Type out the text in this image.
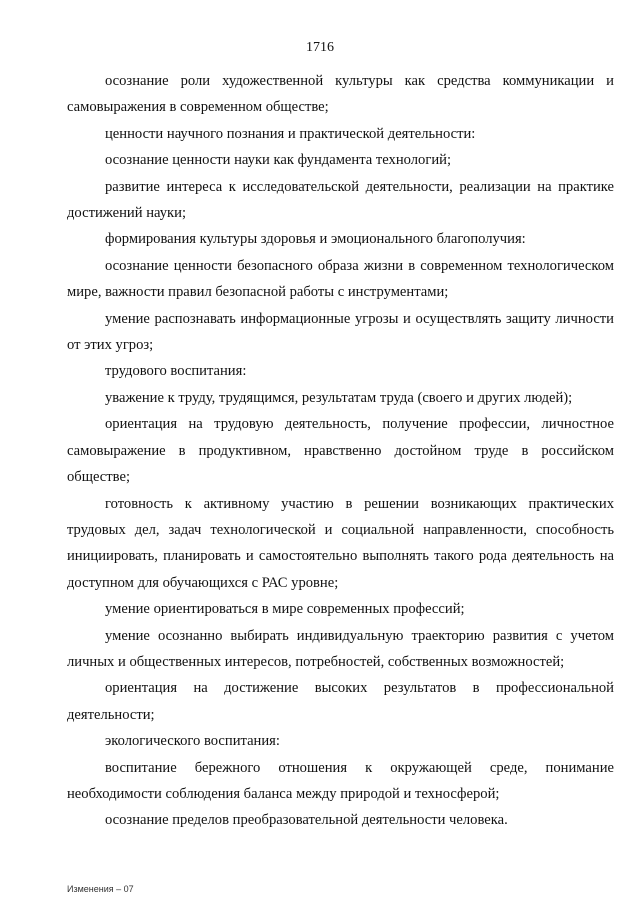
1716

осознание роли художественной культуры как средства коммуникации и самовыражения в современном обществе;

ценности научного познания и практической деятельности:

осознание ценности науки как фундамента технологий;

развитие интереса к исследовательской деятельности, реализации на практике достижений науки;

формирования культуры здоровья и эмоционального благополучия:

осознание ценности безопасного образа жизни в современном технологическом мире, важности правил безопасной работы с инструментами;

умение распознавать информационные угрозы и осуществлять защиту личности от этих угроз;

трудового воспитания:

уважение к труду, трудящимся, результатам труда (своего и других людей);

ориентация на трудовую деятельность, получение профессии, личностное самовыражение в продуктивном, нравственно достойном труде в российском обществе;

готовность к активному участию в решении возникающих практических трудовых дел, задач технологической и социальной направленности, способность инициировать, планировать и самостоятельно выполнять такого рода деятельность на доступном для обучающихся с РАС уровне;

умение ориентироваться в мире современных профессий;

умение осознанно выбирать индивидуальную траекторию развития с учетом личных и общественных интересов, потребностей, собственных возможностей;

ориентация на достижение высоких результатов в профессиональной деятельности;

экологического воспитания:

воспитание бережного отношения к окружающей среде, понимание необходимости соблюдения баланса между природой и техносферой;

осознание пределов преобразовательной деятельности человека.

Изменения – 07
